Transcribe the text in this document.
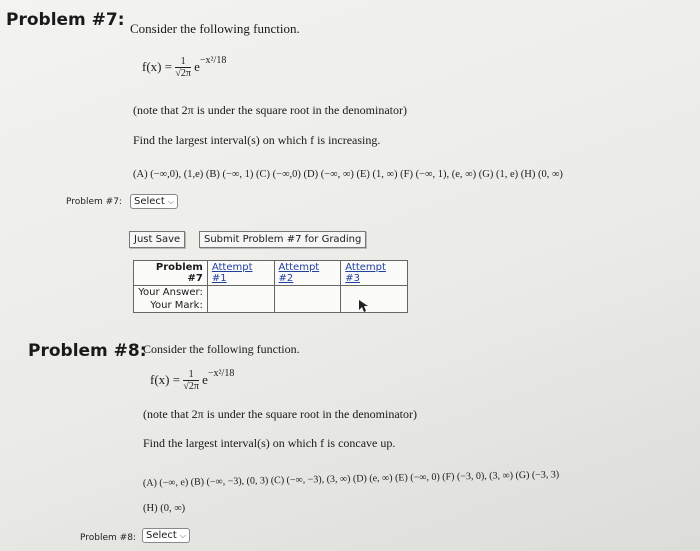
Problem #7: Consider the following function.
$f(x) = \frac{1}{√2\pi} e^{-x^2/18}$
(note that 2π is under the square root in the denominator)
Find the largest interval(s) on which f is increasing.
(A) (−∞,0), (1,e) (B) (−∞, 1) (C) (−∞,0) (D) (−∞, ∞) (E) (1, ∞) (F) (−∞, 1), (e, ∞) (G) (1, e) (H) (0, ∞)
Problem #7: Select ⌵
Just Save	Submit Problem #7 for Grading
Problem #7	Attempt #1	Attempt #2	Attempt #3
Your Answer:			
Your Mark:			
Problem #8:
Consider the following function.
$f(x) = \frac{1}{√2\pi} e^{-x^2/18}$
(note that 2π is under the square root in the denominator)
Find the largest interval(s) on which f is concave up.
(A) (−∞, e) (B) (−∞, −3), (0, 3) (C) (−∞, −3), (3, ∞) (D) (e, ∞) (E) (−∞, 0) (F) (−3, 0), (3, ∞) (G) (−3, 3)
(H) (0, ∞)
Problem #8: Select ⌵
